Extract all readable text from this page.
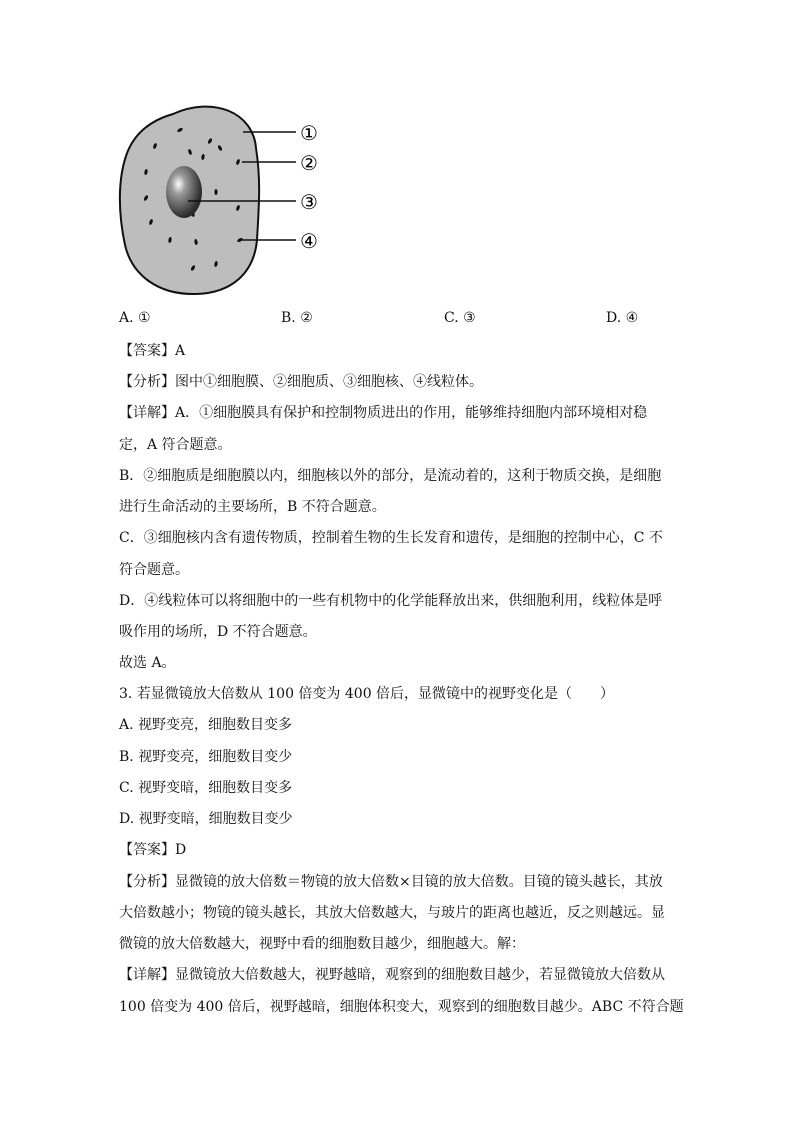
①
②
③
④
A. ①	B. ②	C. ③	D. ④
【答案】A
【分析】图中①细胞膜、②细胞质、③细胞核、④线粒体。
【详解】A．①细胞膜具有保护和控制物质进出的作用，能够维持细胞内部环境相对稳
定，A 符合题意。
B．②细胞质是细胞膜以内，细胞核以外的部分，是流动着的，这利于物质交换，是细胞
进行生命活动的主要场所，B 不符合题意。
C．③细胞核内含有遗传物质，控制着生物的生长发育和遗传，是细胞的控制中心，C 不
符合题意。
D．④线粒体可以将细胞中的一些有机物中的化学能释放出来，供细胞利用，线粒体是呼
吸作用的场所，D 不符合题意。
故选 A。
3. 若显微镜放大倍数从 100 倍变为 400 倍后，显微镜中的视野变化是（　　）
A. 视野变亮，细胞数目变多
B. 视野变亮，细胞数目变少
C. 视野变暗，细胞数目变多
D. 视野变暗，细胞数目变少
【答案】D
【分析】显微镜的放大倍数＝物镜的放大倍数×目镜的放大倍数。目镜的镜头越长，其放
大倍数越小；物镜的镜头越长，其放大倍数越大，与玻片的距离也越近，反之则越远。显
微镜的放大倍数越大，视野中看的细胞数目越少，细胞越大。解：
【详解】显微镜放大倍数越大，视野越暗，观察到的细胞数目越少，若显微镜放大倍数从
100 倍变为 400 倍后，视野越暗，细胞体积变大，观察到的细胞数目越少。ABC 不符合题
